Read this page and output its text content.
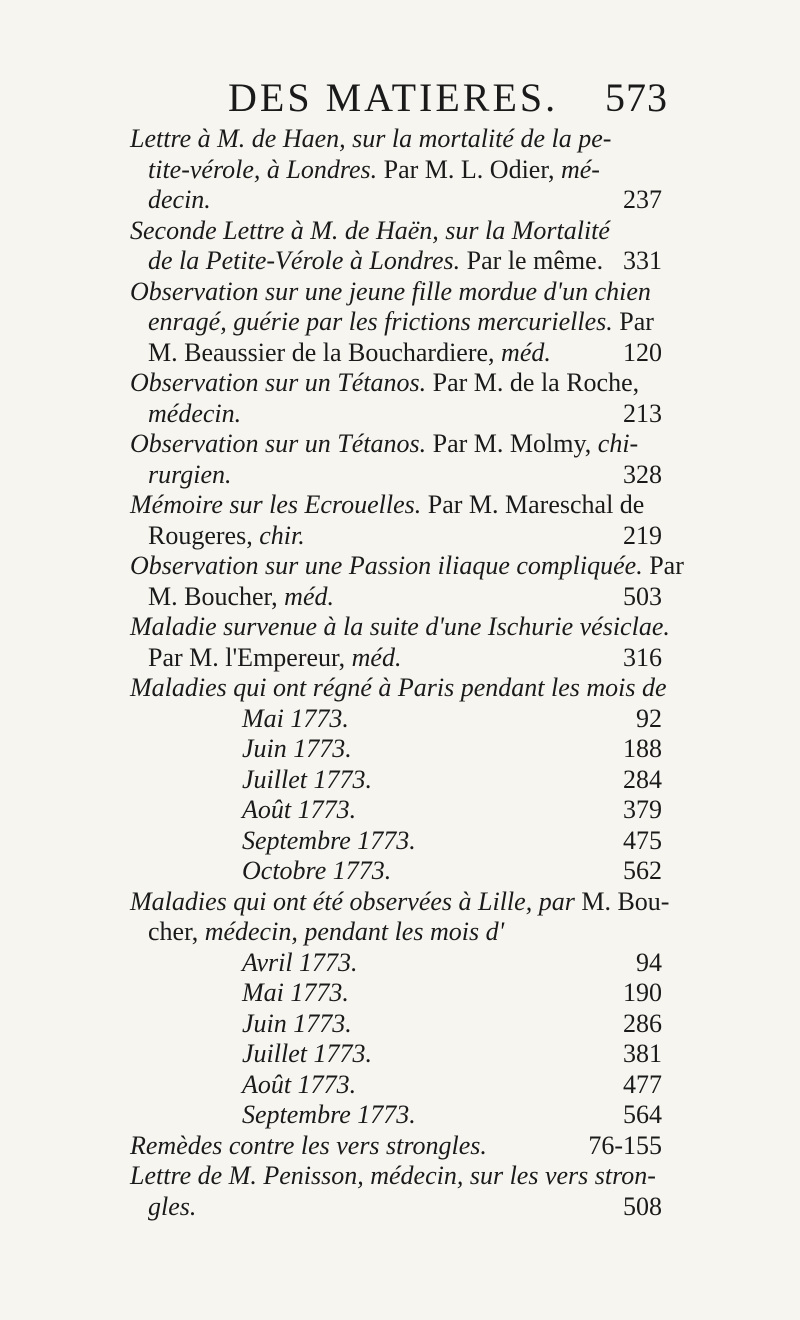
DES MATIERES. 573
Lettre à M. de Haen, sur la mortalité de la pe-
tite-vérole, à Londres. Par M. L. Odier, mé-
decin.	237
Seconde Lettre à M. de Haën, sur la Mortalité
de la Petite-Vérole à Londres. Par le même. 331
Observation sur une jeune fille mordue d'un chien
enragé, guérie par les frictions mercurielles. Par
M. Beaussier de la Bouchardiere, méd.	120
Observation sur un Tétanos. Par M. de la Roche,
médecin.	213
Observation sur un Tétanos. Par M. Molmy, chi-
rurgien.	328
Mémoire sur les Ecrouelles. Par M. Mareschal de
Rougeres, chir.	219
Observation sur une Passion iliaque compliquée. Par
M. Boucher, méd.	503
Maladie survenue à la suite d'une Ischurie vésiclae.
Par M. l'Empereur, méd.	316
Maladies qui ont régné à Paris pendant les mois de
Mai 1773.	92
Juin 1773.	188
Juillet 1773.	284
Août 1773.	379
Septembre 1773.	475
Octobre 1773.	562
Maladies qui ont été observées à Lille, par M. Bou-
cher, médecin, pendant les mois d'
Avril 1773.	94
Mai 1773.	190
Juin 1773.	286
Juillet 1773.	381
Août 1773.	477
Septembre 1773.	564
Remèdes contre les vers strongles.	76-155
Lettre de M. Penisson, médecin, sur les vers stron-
gles.	508
